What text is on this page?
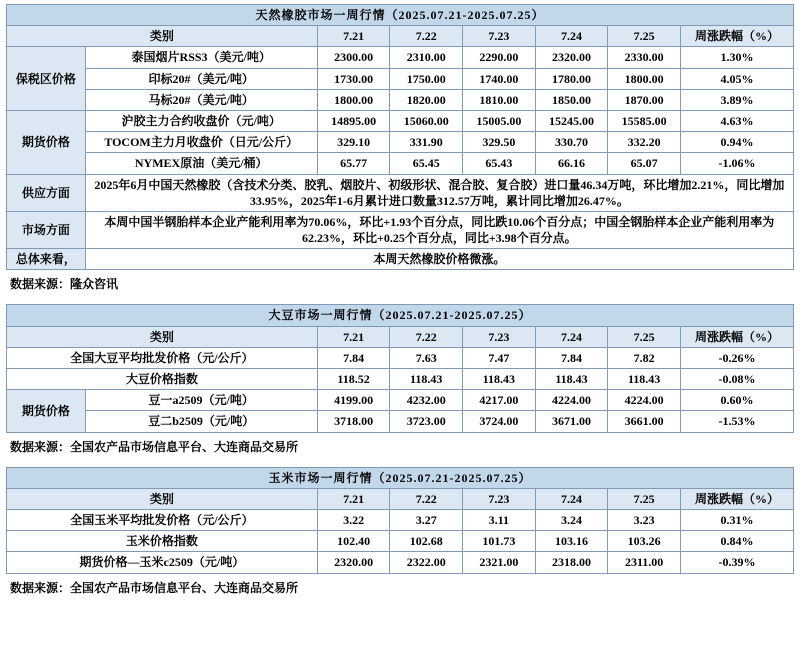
天然橡胶市场一周行情（2025.07.21-2025.07.25）							
类别		7.21	7.22	7.23	7.24	7.25	周涨跌幅（%）
保税区价格	泰国烟片RSS3（美元/吨）	2300.00	2310.00	2290.00	2320.00	2330.00	1.30%
	印标20#（美元/吨）	1730.00	1750.00	1740.00	1780.00	1800.00	4.05%
	马标20#（美元/吨）	1800.00	1820.00	1810.00	1850.00	1870.00	3.89%
期货价格	沪胶主力合约收盘价（元/吨）	14895.00	15060.00	15005.00	15245.00	15585.00	4.63%
	TOCOM主力月收盘价（日元/公斤）	329.10	331.90	329.50	330.70	332.20	0.94%
	NYMEX原油（美元/桶）	65.77	65.45	65.43	66.16	65.07	-1.06%
供应方面	2025年6月中国天然橡胶（含技术分类、胶乳、烟胶片、初级形状、混合胶、复合胶）进口量46.34万吨，环比增加2.21%，同比增加33.95%，2025年1-6月累计进口数量312.57万吨，累计同比增加26.47%。						
市场方面	本周中国半钢胎样本企业产能利用率为70.06%，环比+1.93个百分点，同比跌10.06个百分点；中国全钢胎样本企业产能利用率为62.23%，环比+0.25个百分点，同比+3.98个百分点。						
总体来看，	本周天然橡胶价格微涨。						
数据来源：隆众咨讯
大豆市场一周行情（2025.07.21-2025.07.25）							
类别		7.21	7.22	7.23	7.24	7.25	周涨跌幅（%）
全国大豆平均批发价格（元/公斤）		7.84	7.63	7.47	7.84	7.82	-0.26%
大豆价格指数		118.52	118.43	118.43	118.43	118.43	-0.08%
期货价格	豆一a2509（元/吨）	4199.00	4232.00	4217.00	4224.00	4224.00	0.60%
	豆二b2509（元/吨）	3718.00	3723.00	3724.00	3671.00	3661.00	-1.53%
数据来源：全国农产品市场信息平台、大连商品交易所
玉米市场一周行情（2025.07.21-2025.07.25）						
类别	7.21	7.22	7.23	7.24	7.25	周涨跌幅（%）
全国玉米平均批发价格（元/公斤）	3.22	3.27	3.11	3.24	3.23	0.31%
玉米价格指数	102.40	102.68	101.73	103.16	103.26	0.84%
期货价格—玉米c2509（元/吨）	2320.00	2322.00	2321.00	2318.00	2311.00	-0.39%
数据来源：全国农产品市场信息平台、大连商品交易所
